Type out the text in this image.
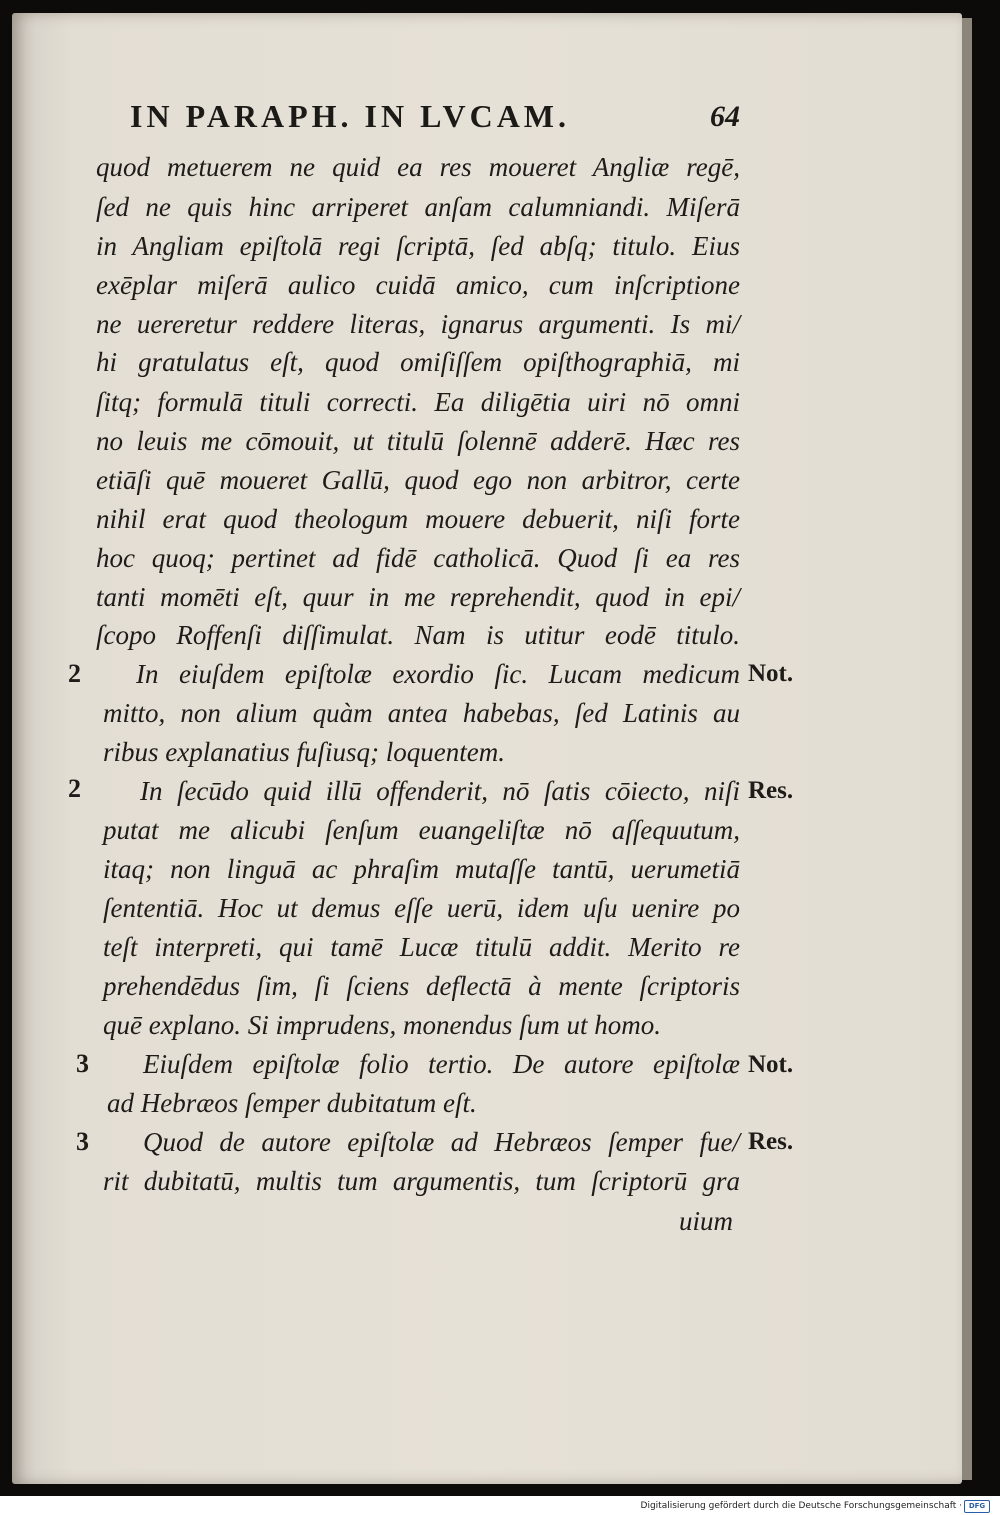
IN PARAPH. IN LVCAM.	64
quod metuerem ne quid ea res moueret Angliæ regē,
ſed ne quis hinc arriperet anſam calumniandi. Miſerā
in Angliam epiſtolā regi ſcriptā, ſed abſq; titulo. Eius
exēplar miſerā aulico cuidā amico, cum inſcriptione
ne uereretur reddere literas, ignarus argumenti. Is mi/
hi gratulatus eſt, quod omiſiſſem opiſthographiā, mi
ſitq; formulā tituli correcti. Ea diligētia uiri nō omni
no leuis me cōmouit, ut titulū ſolennē adderē. Hæc res
etiāſi quē moueret Gallū, quod ego non arbitror, certe
nihil erat quod theologum mouere debuerit, niſi forte
hoc quoq; pertinet ad fidē catholicā. Quod ſi ea res
tanti momēti eſt, quur in me reprehendit, quod in epi/
ſcopo Roffenſi diſſimulat. Nam is utitur eodē titulo.
In eiuſdem epiſtolæ exordio ſic. Lucam medicum
mitto, non alium quàm antea habebas, ſed Latinis au
ribus explanatius fuſiusq; loquentem.
In ſecūdo quid illū offenderit, nō ſatis cōiecto, niſi
putat me alicubi ſenſum euangeliſtæ nō aſſequutum,
itaq; non linguā ac phraſim mutaſſe tantū, uerumetiā
ſententiā. Hoc ut demus eſſe uerū, idem uſu uenire po
teſt interpreti, qui tamē Lucæ titulū addit. Merito re
prehendēdus ſim, ſi ſciens deflectā à mente ſcriptoris
quē explano. Si imprudens, monendus ſum ut homo.
Eiuſdem epiſtolæ folio tertio. De autore epiſtolæ
ad Hebræos ſemper dubitatum eſt.
Quod de autore epiſtolæ ad Hebræos ſemper fue/
rit dubitatū, multis tum argumentis, tum ſcriptorū gra
uium
2
2
3
3
Not.
Res.
Not.
Res.
Digitalisierung gefördert durch die Deutsche Forschungsgemeinschaft · DFG
